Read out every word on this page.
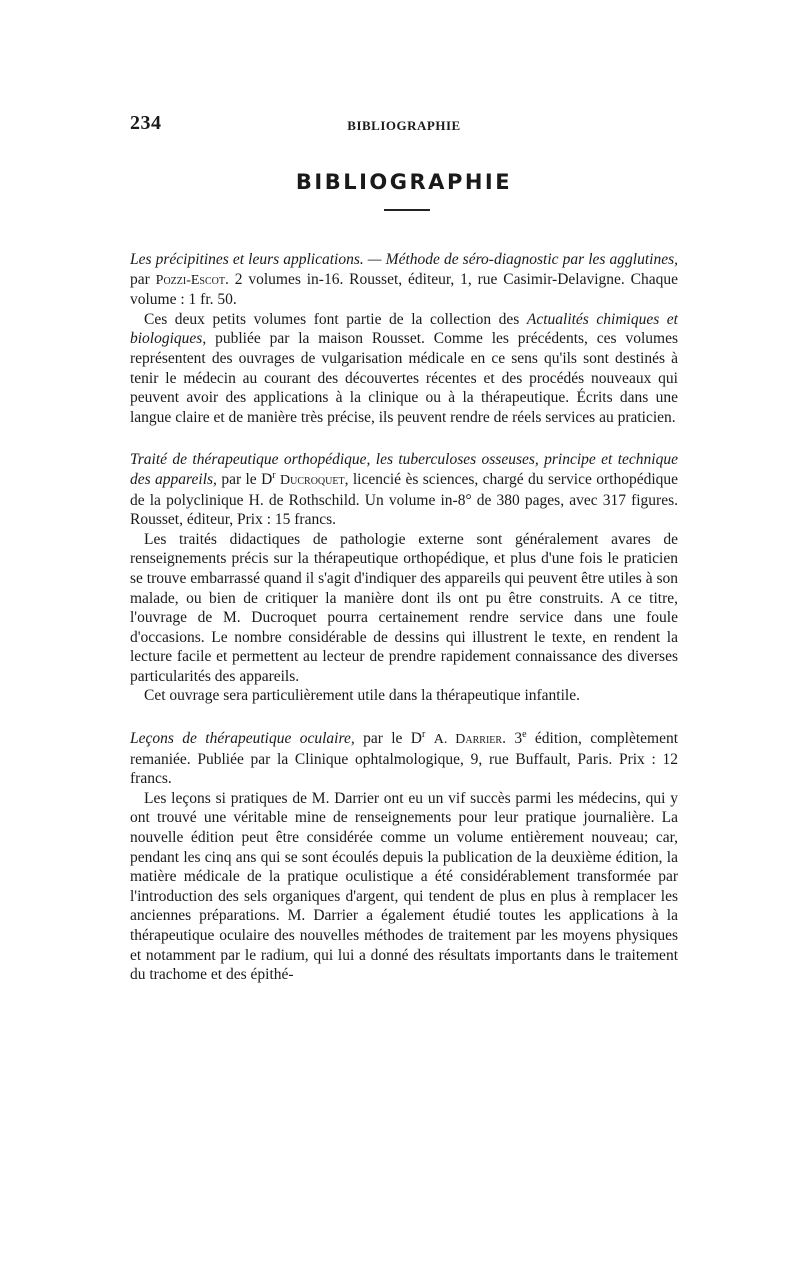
234	BIBLIOGRAPHIE
BIBLIOGRAPHIE

Les précipitines et leurs applications. — Méthode de séro-diagnostic par les agglutines, par Pozzi-Escot. 2 volumes in-16. Rousset, éditeur, 1, rue Casimir-Delavigne. Chaque volume : 1 fr. 50.

Ces deux petits volumes font partie de la collection des Actualités chimiques et biologiques, publiée par la maison Rousset. Comme les précédents, ces volumes représentent des ouvrages de vulgarisation médicale en ce sens qu'ils sont destinés à tenir le médecin au courant des découvertes récentes et des procédés nouveaux qui peuvent avoir des applications à la clinique ou à la thérapeutique. Écrits dans une langue claire et de manière très précise, ils peuvent rendre de réels services au praticien.

Traité de thérapeutique orthopédique, les tuberculoses osseuses, principe et technique des appareils, par le $D^r$ Ducroquet, licencié ès sciences, chargé du service orthopédique de la polyclinique H. de Rothschild. Un volume in-8° de 380 pages, avec 317 figures. Rousset, éditeur, Prix : 15 francs.

Les traités didactiques de pathologie externe sont généralement avares de renseignements précis sur la thérapeutique orthopédique, et plus d'une fois le praticien se trouve embarrassé quand il s'agit d'indiquer des appareils qui peuvent être utiles à son malade, ou bien de critiquer la manière dont ils ont pu être construits. A ce titre, l'ouvrage de M. Ducroquet pourra certainement rendre service dans une foule d'occasions. Le nombre considérable de dessins qui illustrent le texte, en rendent la lecture facile et permettent au lecteur de prendre rapidement connaissance des diverses particularités des appareils.

Cet ouvrage sera particulièrement utile dans la thérapeutique infantile.

Leçons de thérapeutique oculaire, par le $D^r$ A. Darrier. 3e édition, complètement remaniée. Publiée par la Clinique ophtalmologique, 9, rue Buffault, Paris. Prix : 12 francs.

Les leçons si pratiques de M. Darrier ont eu un vif succès parmi les médecins, qui y ont trouvé une véritable mine de renseignements pour leur pratique journalière. La nouvelle édition peut être considérée comme un volume entièrement nouveau; car, pendant les cinq ans qui se sont écoulés depuis la publication de la deuxième édition, la matière médicale de la pratique oculistique a été considérablement transformée par l'introduction des sels organiques d'argent, qui tendent de plus en plus à remplacer les anciennes préparations. M. Darrier a également étudié toutes les applications à la thérapeutique oculaire des nouvelles méthodes de traitement par les moyens physiques et notamment par le radium, qui lui a donné des résultats importants dans le traitement du trachome et des épithé-
